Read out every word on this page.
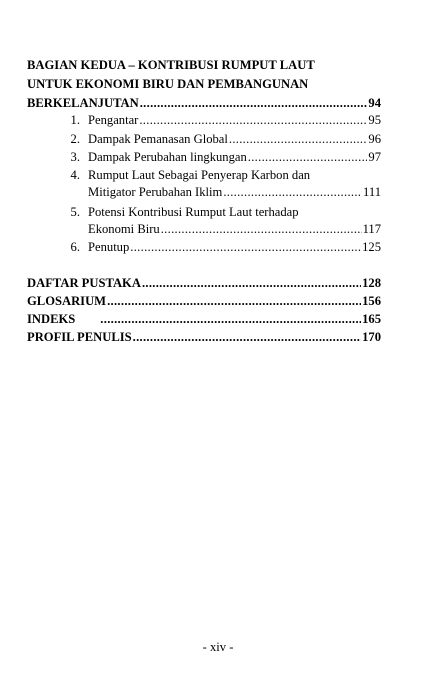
BAGIAN KEDUA – KONTRIBUSI RUMPUT LAUT
UNTUK EKONOMI BIRU DAN PEMBANGUNAN
BERKELANJUTAN .....	94
1. Pengantar .....	95
2. Dampak Pemanasan Global .....	96
3. Dampak Perubahan lingkungan .....	97
4. Rumput Laut Sebagai Penyerap Karbon dan
Mitigator Perubahan Iklim .....	111
5. Potensi Kontribusi Rumput Laut terhadap
Ekonomi Biru .....	117
6. Penutup .....	125
DAFTAR PUSTAKA .....	128
GLOSARIUM .....	156
INDEKS .....	165
PROFIL PENULIS .....	170
- xiv -
